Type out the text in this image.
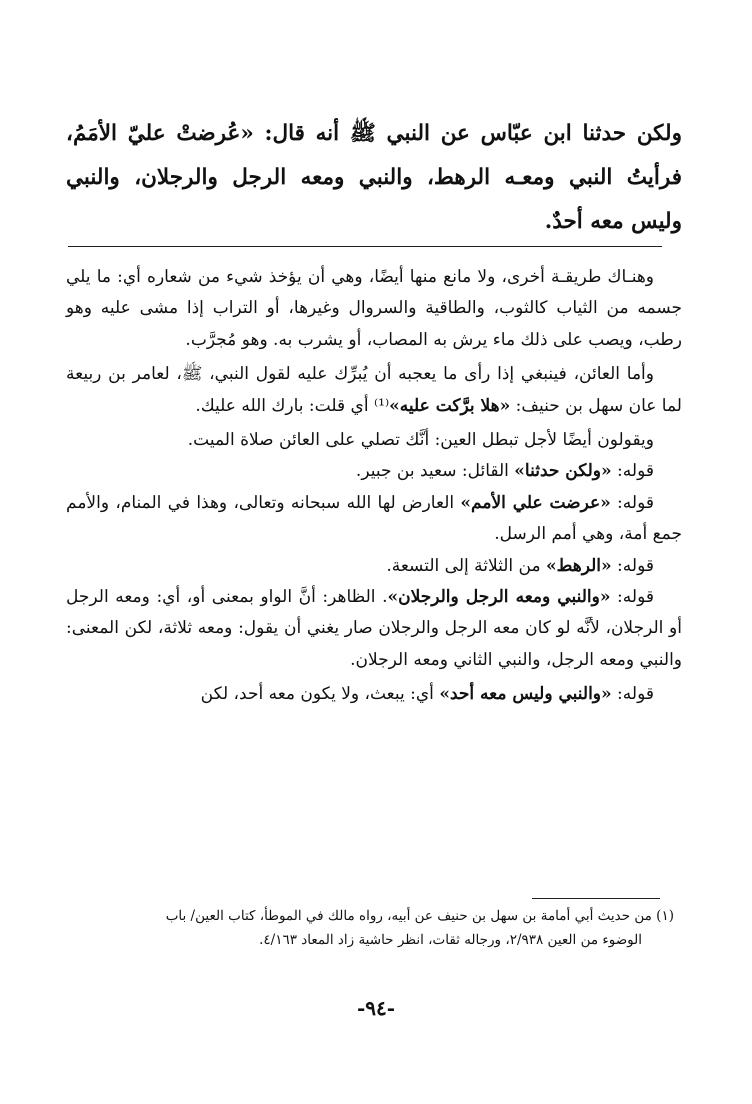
ولكن حدثنا ابن عبّاس عن النبي ﷺ أنه قال: «عُرضتْ عليّ الأمَمُ، فرأيتُ النبي ومعـه الرهط، والنبي ومعه الرجل والرجلان، والنبي وليس معه أحدٌ.

وهنـاك طريقـة أخرى، ولا مانع منها أيضًا، وهي أن يؤخذ شيء من شعاره أي: ما يلي جسمه من الثياب كالثوب، والطاقية والسروال وغيرها، أو التراب إذا مشى عليه وهو رطب، ويصب على ذلك ماء يرش به المصاب، أو يشرب به. وهو مُجرَّب.

وأما العائن، فينبغي إذا رأى ما يعجبه أن يُبرِّك عليه لقول النبي، ﷺ، لعامر بن ربيعة لما عان سهل بن حنيف: «هلا برَّكت عليه»⁽¹⁾ أي قلت: بارك الله عليك.

ويقولون أيضًا لأجل تبطل العين: أنَّك تصلي على العائن صلاة الميت.

قوله: «ولكن حدثنا» القائل: سعيد بن جبير.

قوله: «عرضت علي الأمم» العارض لها الله سبحانه وتعالى، وهذا في المنام، والأمم جمع أمة، وهي أمم الرسل.

قوله: «الرهط» من الثلاثة إلى التسعة.

قوله: «والنبي ومعه الرجل والرجلان». الظاهر: أنَّ الواو بمعنى أو، أي: ومعه الرجل أو الرجلان، لأنَّه لو كان معه الرجل والرجلان صار يغني أن يقول: ومعه ثلاثة، لكن المعنى: والنبي ومعه الرجل، والنبي الثاني ومعه الرجلان.

قوله: «والنبي وليس معه أحد» أي: يبعث، ولا يكون معه أحد، لكن

(١) من حديث أبي أمامة بن سهل بن حنيف عن أبيه، رواه مالك في الموطأ، كتاب العين/ باب

الوضوء من العين ٢/٩٣٨، ورجاله ثقات، انظر حاشية زاد المعاد ٤/١٦٣.

-٩٤-
